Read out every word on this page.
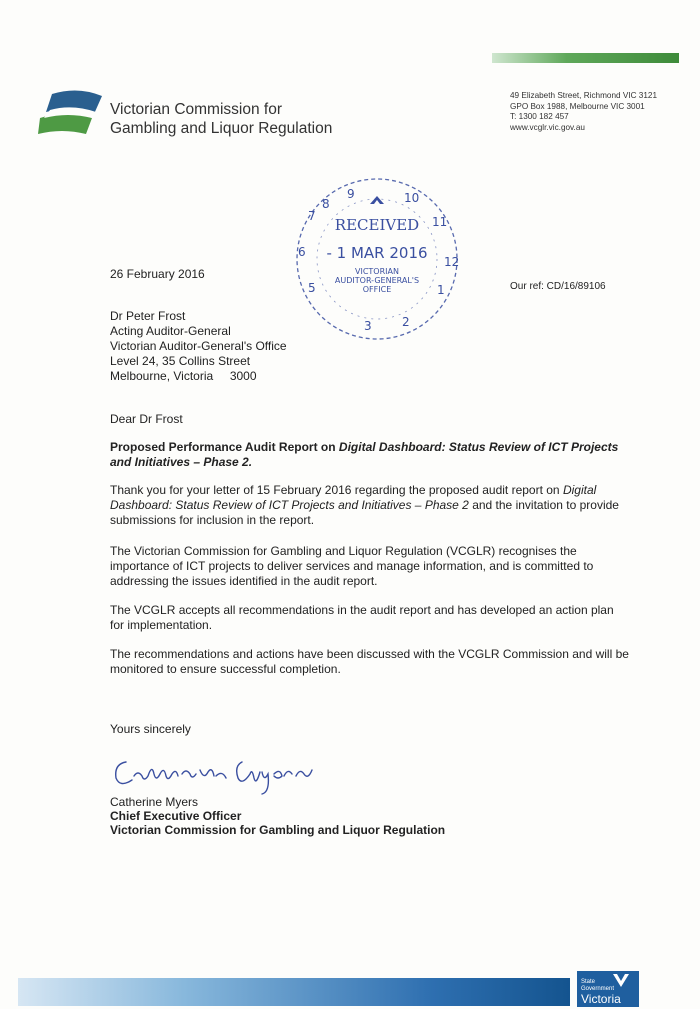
Victorian Commission for
Gambling and Liquor Regulation
49 Elizabeth Street, Richmond VIC 3121
GPO Box 1988, Melbourne VIC 3001
T: 1300 182 457
www.vcglr.vic.gov.au
9	10
11
12
1
2
3
5
6
7
8
RECEIVED
- 1 MAR 2016
VICTORIAN
AUDITOR-GENERAL'S
OFFICE
26 February 2016
Our ref: CD/16/89106
Dr Peter Frost
Acting Auditor-General
Victorian Auditor-General's Office
Level 24, 35 Collins Street
Melbourne, Victoria     3000
Dear Dr Frost
Proposed Performance Audit Report on Digital Dashboard: Status Review of ICT Projects and Initiatives – Phase 2.
Thank you for your letter of 15 February 2016 regarding the proposed audit report on Digital Dashboard: Status Review of ICT Projects and Initiatives – Phase 2 and the invitation to provide submissions for inclusion in the report.
The Victorian Commission for Gambling and Liquor Regulation (VCGLR) recognises the importance of ICT projects to deliver services and manage information, and is committed to addressing the issues identified in the audit report.
The VCGLR accepts all recommendations in the audit report and has developed an action plan for implementation.
The recommendations and actions have been discussed with the VCGLR Commission and will be monitored to ensure successful completion.
Yours sincerely
Catherine Myers
Chief Executive Officer
Victorian Commission for Gambling and Liquor Regulation
State
Government
Victoria
